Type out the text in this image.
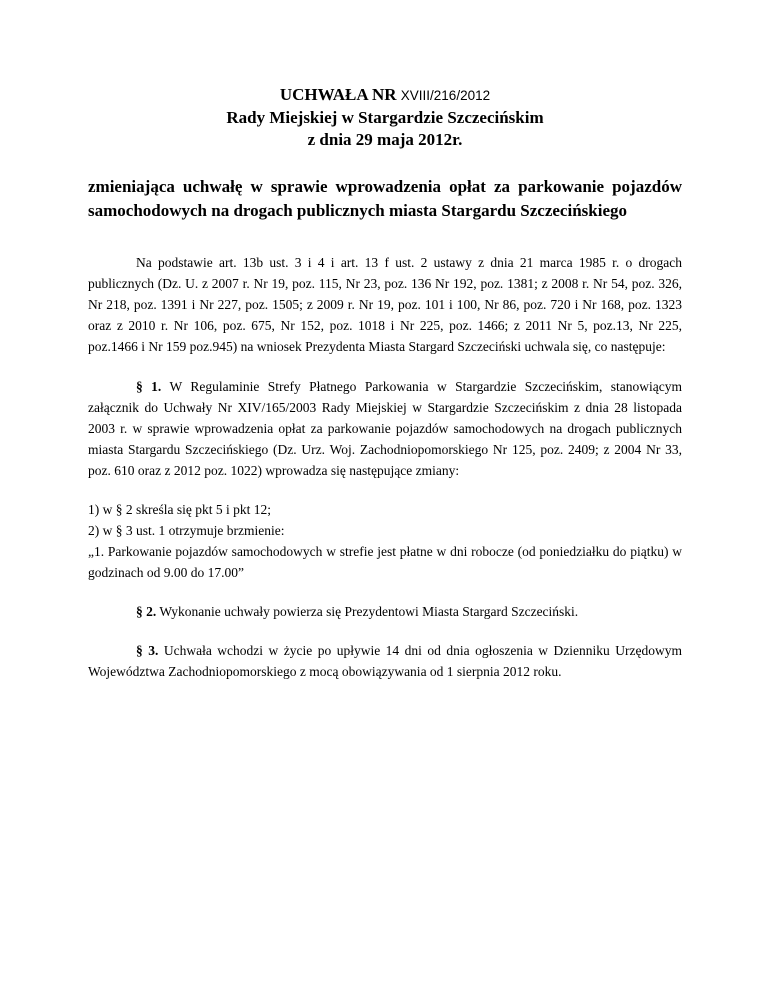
UCHWAŁA NR XVIII/216/2012
Rady Miejskiej w Stargardzie Szczecińskim
z dnia 29 maja 2012r.
zmieniająca uchwałę w sprawie wprowadzenia opłat za parkowanie pojazdów samochodowych na drogach publicznych miasta Stargardu Szczecińskiego

Na podstawie art. 13b ust. 3 i 4 i art. 13 f ust. 2 ustawy z dnia 21 marca 1985 r. o drogach publicznych (Dz. U. z 2007 r. Nr 19, poz. 115, Nr 23, poz. 136 Nr 192, poz. 1381; z 2008 r. Nr 54, poz. 326, Nr 218, poz. 1391 i Nr 227, poz. 1505; z 2009 r. Nr 19, poz. 101 i 100, Nr 86, poz. 720 i Nr 168, poz. 1323 oraz z 2010 r. Nr 106, poz. 675, Nr 152, poz. 1018 i Nr 225, poz. 1466; z 2011 Nr 5, poz.13, Nr 225, poz.1466 i Nr 159 poz.945) na wniosek Prezydenta Miasta Stargard Szczeciński uchwala się, co następuje:

§ 1. W Regulaminie Strefy Płatnego Parkowania w Stargardzie Szczecińskim, stanowiącym załącznik do Uchwały Nr XIV/165/2003 Rady Miejskiej w Stargardzie Szczecińskim z dnia 28 listopada 2003 r. w sprawie wprowadzenia opłat za parkowanie pojazdów samochodowych na drogach publicznych miasta Stargardu Szczecińskiego (Dz. Urz. Woj. Zachodniopomorskiego Nr 125, poz. 2409; z 2004 Nr 33, poz. 610 oraz z 2012 poz. 1022) wprowadza się następujące zmiany:

1) w § 2 skreśla się pkt 5 i pkt 12;
2) w § 3 ust. 1 otrzymuje brzmienie:
„1. Parkowanie pojazdów samochodowych w strefie jest płatne w dni robocze (od poniedziałku do piątku) w godzinach od 9.00 do 17.00”

§ 2. Wykonanie uchwały powierza się Prezydentowi Miasta Stargard Szczeciński.

§ 3. Uchwała wchodzi w życie po upływie 14 dni od dnia ogłoszenia w Dzienniku Urzędowym Województwa Zachodniopomorskiego z mocą obowiązywania od 1 sierpnia 2012 roku.
